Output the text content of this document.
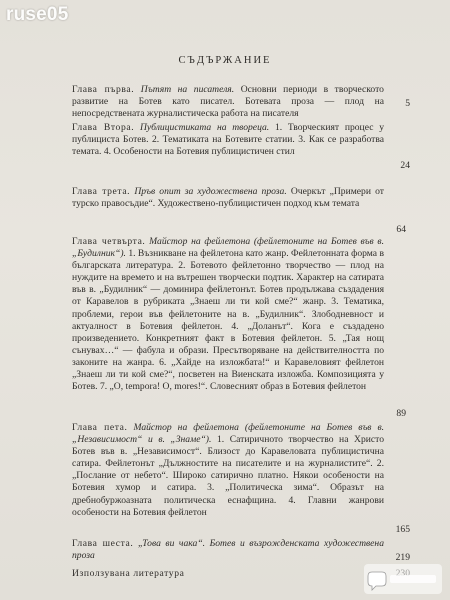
ruse05
СЪДЪРЖАНИЕ
Глава първа. Пътят на писателя. Основни периоди в творческото развитие на Ботев като писател. Ботевата проза — плод на непосредствената журналистическа работа на писателя
Глава Втора. Публицистиката на твореца. 1. Творческият процес у публициста Ботев. 2. Тематиката на Ботевите статии. 3. Как се разработва темата. 4. Особености на Ботевия публицистичен стил
Глава трета. Пръв опит за художествена проза. Очеркът „Примери от турско правосъдие“. Художествено-публицистичен подход към темата
Глава четвърта. Майстор на фейлетона (фейлетоните на Ботев във в. „Будилник“). 1. Възникване на фейлетона като жанр. Фейлетонната форма в българската литература. 2. Ботевото фейлетонно творчество — плод на нуждите на времето и на вътрешен творчески подтик. Характер на сатирата във в. „Будилник“ — доминира фейлетонът. Ботев продължава създадения от Каравелов в рубриката „Знаеш ли ти кой сме?“ жанр. 3. Тематика, проблеми, герои във фейлетоните на в. „Будилник“. Злободневност и актуалност в Ботевия фейлетон. 4. „Доланът“. Кога е създадено произведението. Конкретният факт в Ботевия фейлетон. 5. „Тая нощ сънувах…“ — фабула и образи. Пресътворяване на действителността по законите на жанра. 6. „Хайде на изложбата!“ и Каравеловият фейлетон „Знаеш ли ти кой сме?“, посветен на Виенската изложба. Композицията у Ботев. 7. „О, tempora! О, mores!“. Словесният образ в Ботевия фейлетон
Глава пета. Майстор на фейлетона (фейлетоните на Ботев във в. „Независимост“ и в. „Знаме“). 1. Сатиричното творчество на Христо Ботев във в. „Независимост“. Близост до Каравеловата публицистична сатира. Фейлетонът „Дължностите на писателите и на журналистите“. 2. „Послание от небето“. Широко сатирично платно. Някои особености на Ботевия хумор и сатира. 3. „Политическа зима“. Образът на дребнобуржоазната политическа еснафщина. 4. Главни жанрови особености на Ботевия фейлетон
Глава шеста. „Това ви чака“. Ботев и възрожденската художествена проза
Използувана литература
5
24
64
89
165
219
